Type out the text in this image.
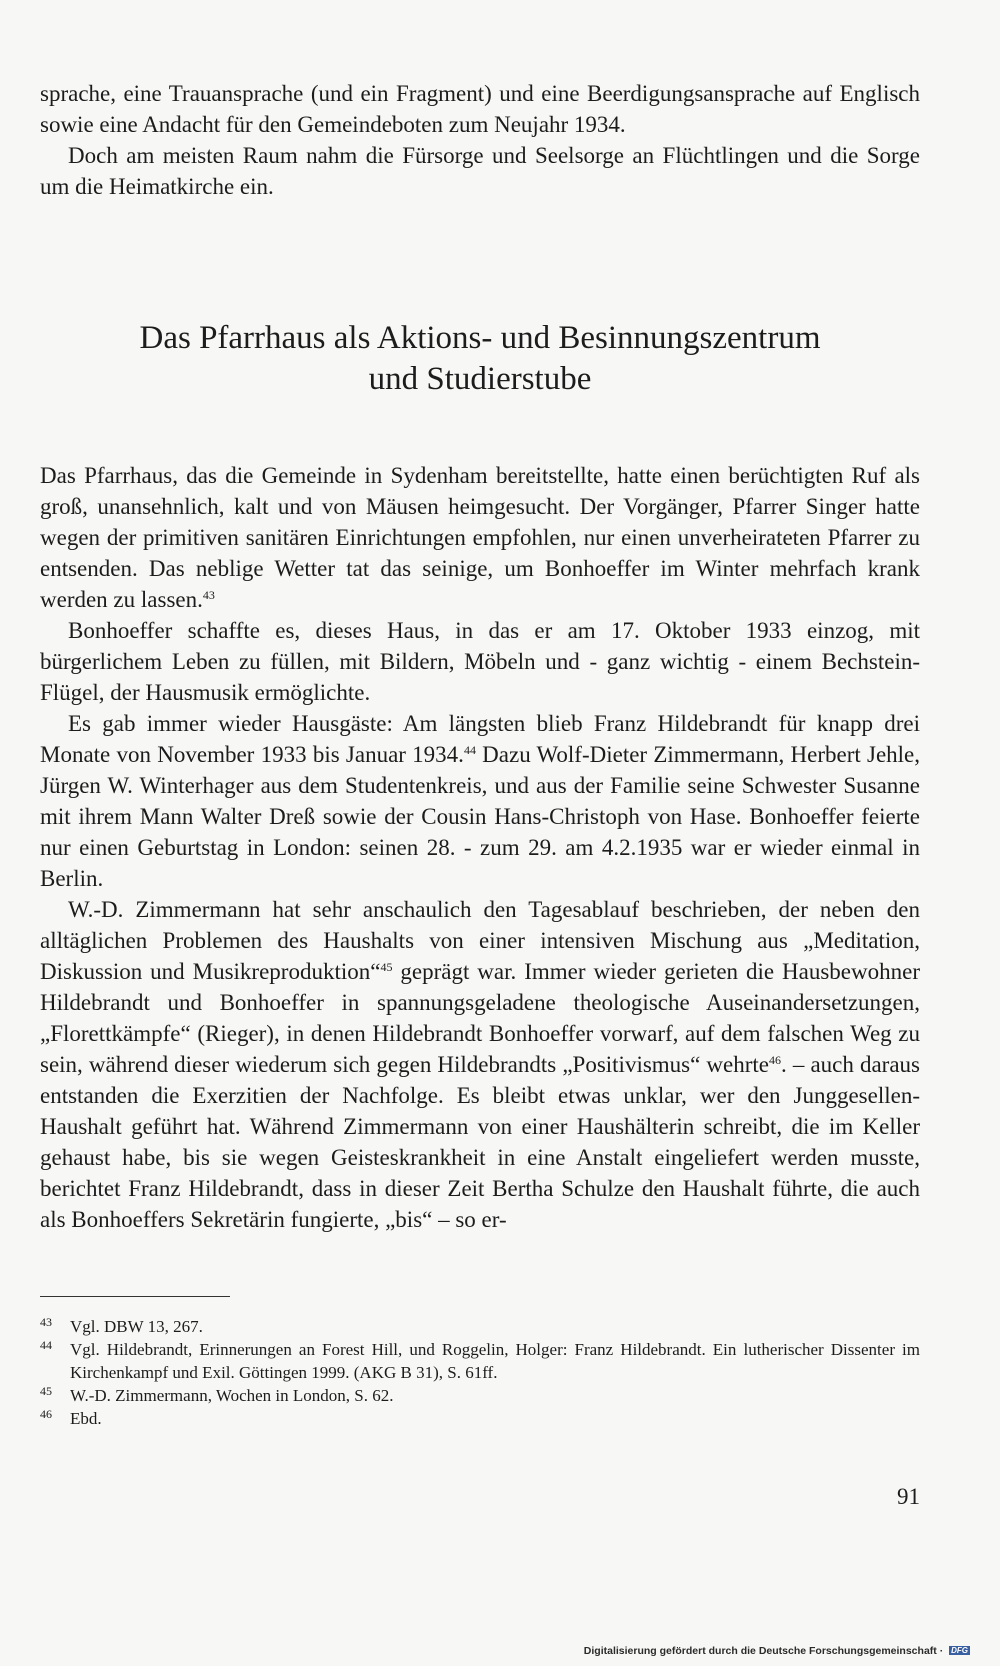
sprache, eine Trauansprache (und ein Fragment) und eine Beerdigungsansprache auf Englisch sowie eine Andacht für den Gemeindeboten zum Neujahr 1934.

Doch am meisten Raum nahm die Fürsorge und Seelsorge an Flüchtlingen und die Sorge um die Heimatkirche ein.

Das Pfarrhaus als Aktions- und Besinnungszentrum
und Studierstube

Das Pfarrhaus, das die Gemeinde in Sydenham bereitstellte, hatte einen berüchtigten Ruf als groß, unansehnlich, kalt und von Mäusen heimgesucht. Der Vorgänger, Pfarrer Singer hatte wegen der primitiven sanitären Einrichtungen empfohlen, nur einen unverheirateten Pfarrer zu entsenden. Das neblige Wetter tat das seinige, um Bonhoeffer im Winter mehrfach krank werden zu lassen.$^{43}$

Bonhoeffer schaffte es, dieses Haus, in das er am 17. Oktober 1933 einzog, mit bürgerlichem Leben zu füllen, mit Bildern, Möbeln und - ganz wichtig - einem Bechstein-Flügel, der Hausmusik ermöglichte.

Es gab immer wieder Hausgäste: Am längsten blieb Franz Hildebrandt für knapp drei Monate von November 1933 bis Januar 1934.44 Dazu Wolf-Dieter Zimmermann, Herbert Jehle, Jürgen W. Winterhager aus dem Studentenkreis, und aus der Familie seine Schwester Susanne mit ihrem Mann Walter Dreß sowie der Cousin Hans-Christoph von Hase. Bonhoeffer feierte nur einen Geburtstag in London: seinen 28. - zum 29. am 4.2.1935 war er wieder einmal in Berlin.

W.-D. Zimmermann hat sehr anschaulich den Tagesablauf beschrieben, der neben den alltäglichen Problemen des Haushalts von einer intensiven Mischung aus „Meditation, Diskussion und Musikreproduktion“$^{45}$ geprägt war. Immer wieder gerieten die Hausbewohner Hildebrandt und Bonhoeffer in spannungsgeladene theologische Auseinandersetzungen, „Florettkämpfe“ (Rieger), in denen Hildebrandt Bonhoeffer vorwarf, auf dem falschen Weg zu sein, während dieser wiederum sich gegen Hildebrandts „Positivismus“ wehrte$^{46}$. – auch daraus entstanden die Exerzitien der Nachfolge. Es bleibt etwas unklar, wer den Junggesellen-Haushalt geführt hat. Während Zimmermann von einer Haushälterin schreibt, die im Keller gehaust habe, bis sie wegen Geisteskrankheit in eine Anstalt eingeliefert werden musste, berichtet Franz Hildebrandt, dass in dieser Zeit Bertha Schulze den Haushalt führte, die auch als Bonhoeffers Sekretärin fungierte, „bis“ – so er-

43 Vgl. DBW 13, 267.
44 Vgl. Hildebrandt, Erinnerungen an Forest Hill, und Roggelin, Holger: Franz Hildebrandt. Ein lutherischer Dissenter im Kirchenkampf und Exil. Göttingen 1999. (AKG B 31), S. 61ff.
45 W.-D. Zimmermann, Wochen in London, S. 62.
46 Ebd.
91
Digitalisierung gefördert durch die Deutsche Forschungsgemeinschaft · DFG
